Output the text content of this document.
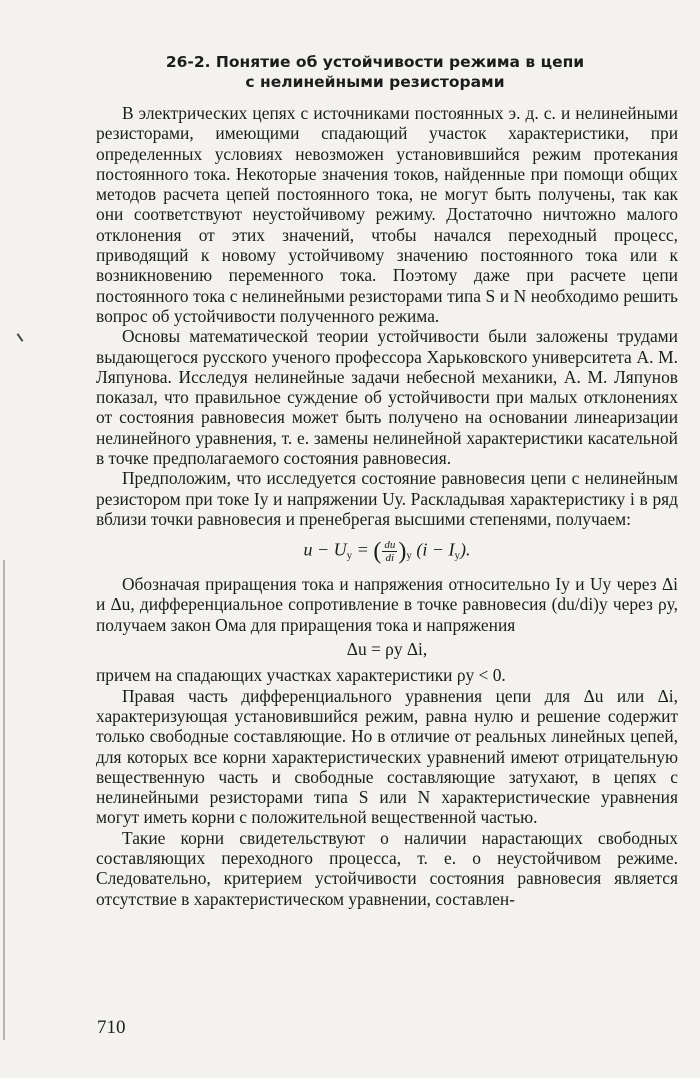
26-2. Понятие об устойчивости режима в цепи
с нелинейными резисторами

В электрических цепях с источниками постоянных э. д. с. и нелинейными резисторами, имеющими спадающий участок характеристики, при определенных условиях невозможен установившийся режим протекания постоянного тока. Некоторые значения токов, найденные при помощи общих методов расчета цепей постоянного тока, не могут быть получены, так как они соответствуют неустойчивому режиму. Достаточно ничтожно малого отклонения от этих значений, чтобы начался переходный процесс, приводящий к новому устойчивому значению постоянного тока или к возникновению переменного тока. Поэтому даже при расчете цепи постоянного тока с нелинейными резисторами типа S и N необходимо решить вопрос об устойчивости полученного режима.

Основы математической теории устойчивости были заложены трудами выдающегося русского ученого профессора Харьковского университета А. М. Ляпунова. Исследуя нелинейные задачи небесной механики, А. М. Ляпунов показал, что правильное суждение об устойчивости при малых отклонениях от состояния равновесия может быть получено на основании линеаризации нелинейного уравнения, т. е. замены нелинейной характеристики касательной в точке предполагаемого состояния равновесия.

Предположим, что исследуется состояние равновесия цепи с нелинейным резистором при токе Iу и напряжении Uу. Раскладывая характеристику i в ряд вблизи точки равновесия и пренебрегая высшими степенями, получаем:

$u - U_у$ = ( $\frac{du}{di} )_у$ $(i - I_у)$.

Обозначая приращения тока и напряжения относительно Iу и Uу через Δi и Δu, дифференциальное сопротивление в точке равновесия (du/di)у через ρу, получаем закон Ома для приращения тока и напряжения

Δu = ρу Δi,

причем на спадающих участках характеристики ρу < 0.

Правая часть дифференциального уравнения цепи для Δu или Δi, характеризующая установившийся режим, равна нулю и решение содержит только свободные составляющие. Но в отличие от реальных линейных цепей, для которых все корни характеристических уравнений имеют отрицательную вещественную часть и свободные составляющие затухают, в цепях с нелинейными резисторами типа S или N характеристические уравнения могут иметь корни с положительной вещественной частью.

Такие корни свидетельствуют о наличии нарастающих свободных составляющих переходного процесса, т. е. о неустойчивом режиме. Следовательно, критерием устойчивости состояния равновесия является отсутствие в характеристическом уравнении, составлен-

710
